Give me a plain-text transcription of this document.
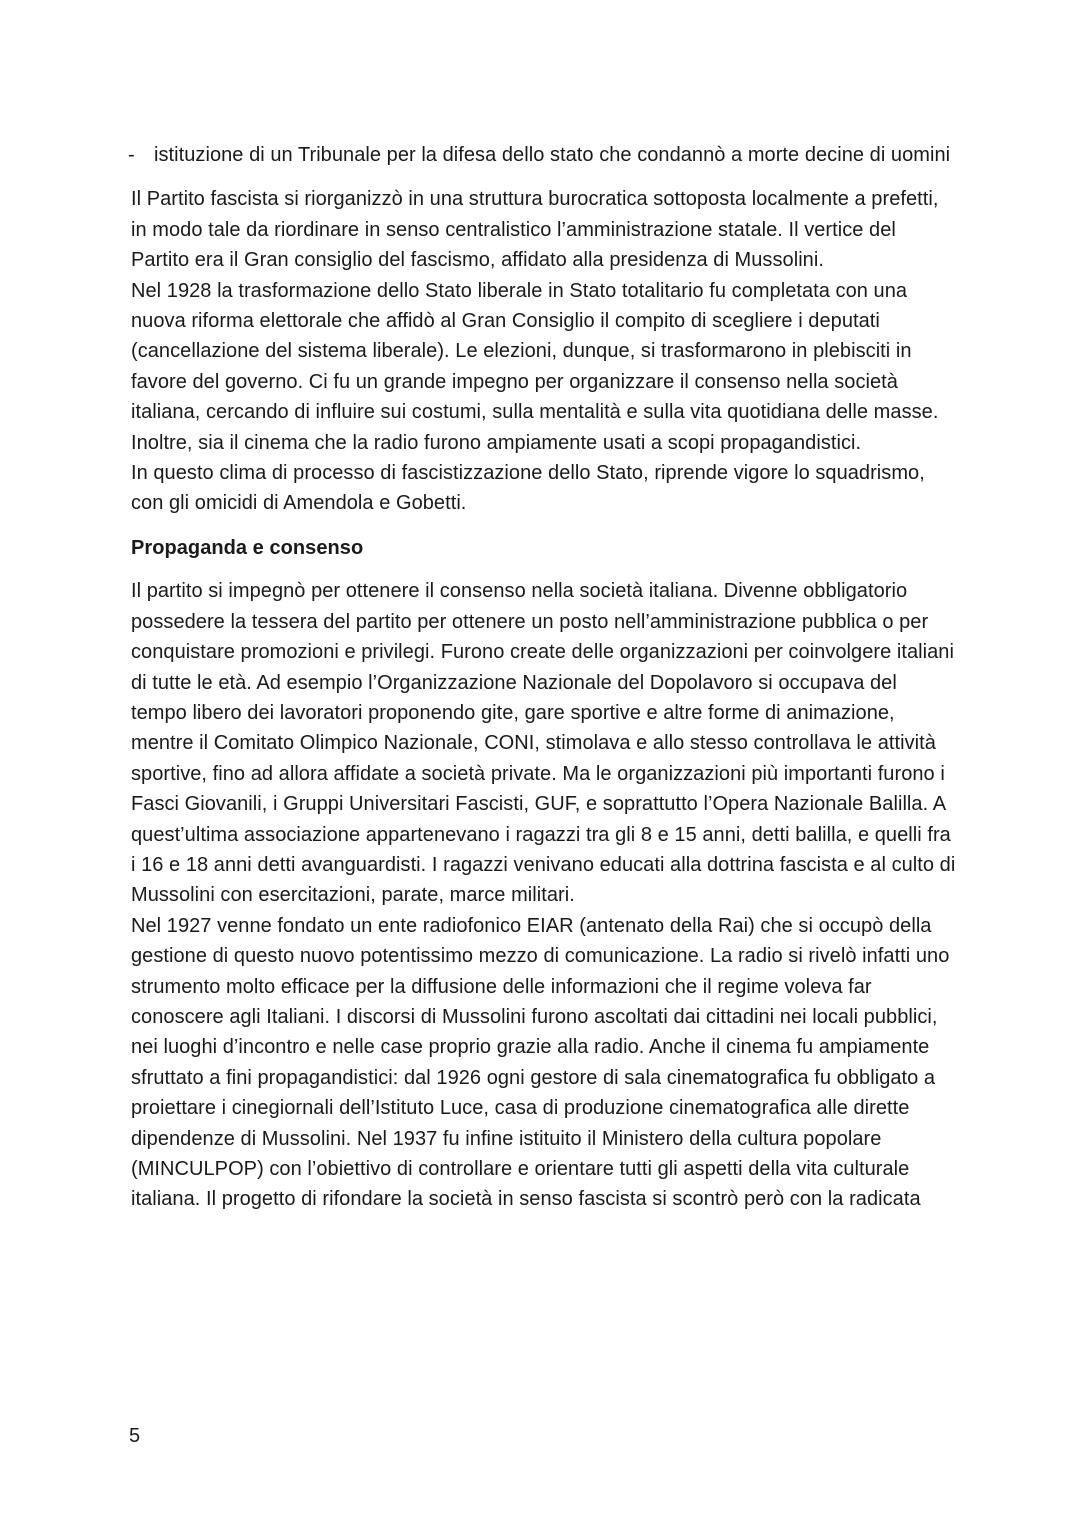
- istituzione di un Tribunale per la difesa dello stato che condannò a morte decine di uomini

Il Partito fascista si riorganizzò in una struttura burocratica sottoposta localmente a prefetti, in modo tale da riordinare in senso centralistico l’amministrazione statale. Il vertice del Partito era il Gran consiglio del fascismo, affidato alla presidenza di Mussolini.

Nel 1928 la trasformazione dello Stato liberale in Stato totalitario fu completata con una nuova riforma elettorale che affidò al Gran Consiglio il compito di scegliere i deputati (cancellazione del sistema liberale). Le elezioni, dunque, si trasformarono in plebisciti in favore del governo. Ci fu un grande impegno per organizzare il consenso nella società italiana, cercando di influire sui costumi, sulla mentalità e sulla vita quotidiana delle masse. Inoltre, sia il cinema che la radio furono ampiamente usati a scopi propagandistici.

In questo clima di processo di fascistizzazione dello Stato, riprende vigore lo squadrismo, con gli omicidi di Amendola e Gobetti.

Propaganda e consenso

Il partito si impegnò per ottenere il consenso nella società italiana. Divenne obbligatorio possedere la tessera del partito per ottenere un posto nell’amministrazione pubblica o per conquistare promozioni e privilegi. Furono create delle organizzazioni per coinvolgere italiani di tutte le età. Ad esempio l’Organizzazione Nazionale del Dopolavoro si occupava del tempo libero dei lavoratori proponendo gite, gare sportive e altre forme di animazione, mentre il Comitato Olimpico Nazionale, CONI, stimolava e allo stesso controllava le attività sportive, fino ad allora affidate a società private. Ma le organizzazioni più importanti furono i Fasci Giovanili, i Gruppi Universitari Fascisti, GUF, e soprattutto l’Opera Nazionale Balilla. A quest’ultima associazione appartenevano i ragazzi tra gli 8 e 15 anni, detti balilla, e quelli fra i 16 e 18 anni detti avanguardisti. I ragazzi venivano educati alla dottrina fascista e al culto di Mussolini con esercitazioni, parate, marce militari.

Nel 1927 venne fondato un ente radiofonico EIAR (antenato della Rai) che si occupò della gestione di questo nuovo potentissimo mezzo di comunicazione. La radio si rivelò infatti uno strumento molto efficace per la diffusione delle informazioni che il regime voleva far conoscere agli Italiani. I discorsi di Mussolini furono ascoltati dai cittadini nei locali pubblici, nei luoghi d’incontro e nelle case proprio grazie alla radio. Anche il cinema fu ampiamente sfruttato a fini propagandistici: dal 1926 ogni gestore di sala cinematografica fu obbligato a proiettare i cinegiornali dell’Istituto Luce, casa di produzione cinematografica alle dirette dipendenze di Mussolini. Nel 1937 fu infine istituito il Ministero della cultura popolare (MINCULPOP) con l’obiettivo di controllare e orientare tutti gli aspetti della vita culturale italiana. Il progetto di rifondare la società in senso fascista si scontrò però con la radicata

5
